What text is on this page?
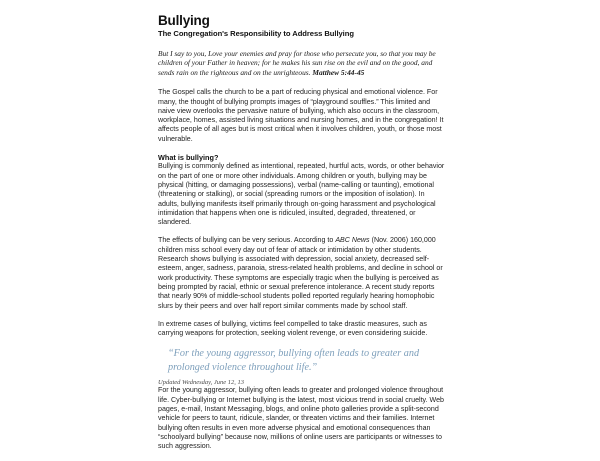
Bullying
The Congregation's Responsibility to Address Bullying

But I say to you, Love your enemies and pray for those who persecute you, so that you may be children of your Father in heaven; for he makes his sun rise on the evil and on the good, and sends rain on the righteous and on the unrighteous. Matthew 5:44-45

The Gospel calls the church to be a part of reducing physical and emotional violence. For many, the thought of bullying prompts images of “playground souffles.” This limited and naive view overlooks the pervasive nature of bullying, which also occurs in the classroom, workplace, homes, assisted living situations and nursing homes, and in the congregation! It affects people of all ages but is most critical when it involves children, youth, or those most vulnerable.

What is bullying?

Bullying is commonly defined as intentional, repeated, hurtful acts, words, or other behavior on the part of one or more other individuals. Among children or youth, bullying may be physical (hitting, or damaging possessions), verbal (name-calling or taunting), emotional (threatening or stalking), or social (spreading rumors or the imposition of isolation). In adults, bullying manifests itself primarily through on-going harassment and psychological intimidation that happens when one is ridiculed, insulted, degraded, threatened, or slandered.

The effects of bullying can be very serious. According to ABC News (Nov. 2006) 160,000 children miss school every day out of fear of attack or intimidation by other students. Research shows bullying is associated with depression, social anxiety, decreased self-esteem, anger, sadness, paranoia, stress-related health problems, and decline in school or work productivity. These symptoms are especially tragic when the bullying is perceived as being prompted by racial, ethnic or sexual preference intolerance. A recent study reports that nearly 90% of middle-school students polled reported regularly hearing homophobic slurs by their peers and over half report similar comments made by school staff.

In extreme cases of bullying, victims feel compelled to take drastic measures, such as carrying weapons for protection, seeking violent revenge, or even considering suicide.

“For the young aggressor, bullying often leads to greater and prolonged violence throughout life.”

For the young aggressor, bullying often leads to greater and prolonged violence throughout life. Cyber-bullying or Internet bullying is the latest, most vicious trend in social cruelty. Web pages, e-mail, Instant Messaging, blogs, and online photo galleries provide a split-second vehicle for peers to taunt, ridicule, slander, or threaten victims and their families. Internet bullying often results in even more adverse physical and emotional consequences than “schoolyard bullying” because now, millions of online users are participants or witnesses to such aggression.

Updated Wednesday, June 12, 13
